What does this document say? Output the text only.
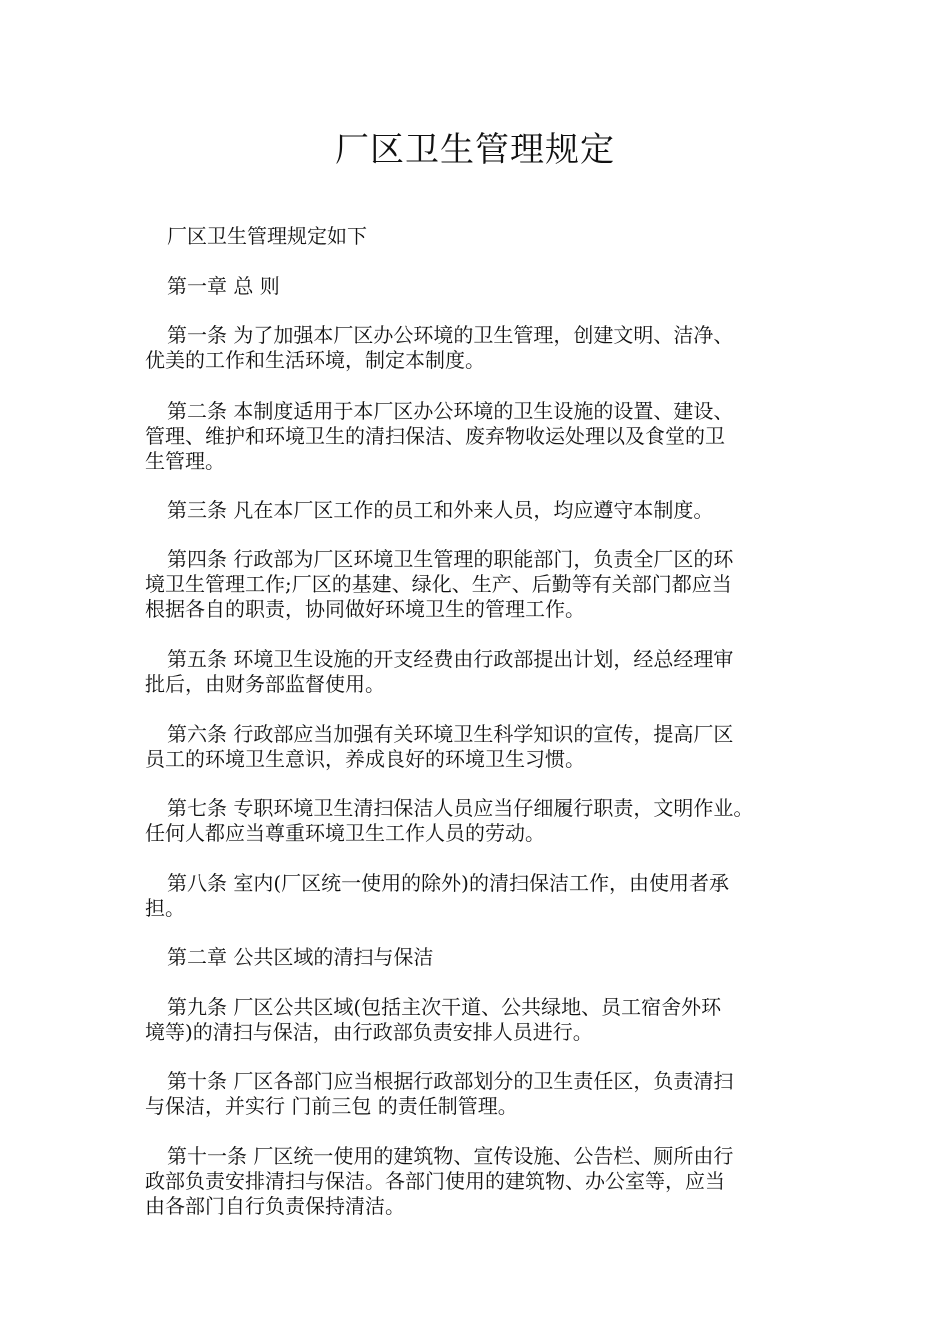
厂区卫生管理规定
厂区卫生管理规定如下
第一章 总 则
第一条 为了加强本厂区办公环境的卫生管理，创建文明、洁净、
优美的工作和生活环境，制定本制度。
第二条 本制度适用于本厂区办公环境的卫生设施的设置、建设、
管理、维护和环境卫生的清扫保洁、废弃物收运处理以及食堂的卫
生管理。
第三条 凡在本厂区工作的员工和外来人员，均应遵守本制度。
第四条 行政部为厂区环境卫生管理的职能部门，负责全厂区的环
境卫生管理工作;厂区的基建、绿化、生产、后勤等有关部门都应当
根据各自的职责，协同做好环境卫生的管理工作。
第五条 环境卫生设施的开支经费由行政部提出计划，经总经理审
批后，由财务部监督使用。
第六条 行政部应当加强有关环境卫生科学知识的宣传，提高厂区
员工的环境卫生意识，养成良好的环境卫生习惯。
第七条 专职环境卫生清扫保洁人员应当仔细履行职责，文明作业。
任何人都应当尊重环境卫生工作人员的劳动。
第八条 室内(厂区统一使用的除外)的清扫保洁工作，由使用者承
担。
第二章 公共区域的清扫与保洁
第九条 厂区公共区域(包括主次干道、公共绿地、员工宿舍外环
境等)的清扫与保洁，由行政部负责安排人员进行。
第十条 厂区各部门应当根据行政部划分的卫生责任区，负责清扫
与保洁，并实行 门前三包 的责任制管理。
第十一条 厂区统一使用的建筑物、宣传设施、公告栏、厕所由行
政部负责安排清扫与保洁。各部门使用的建筑物、办公室等，应当
由各部门自行负责保持清洁。
